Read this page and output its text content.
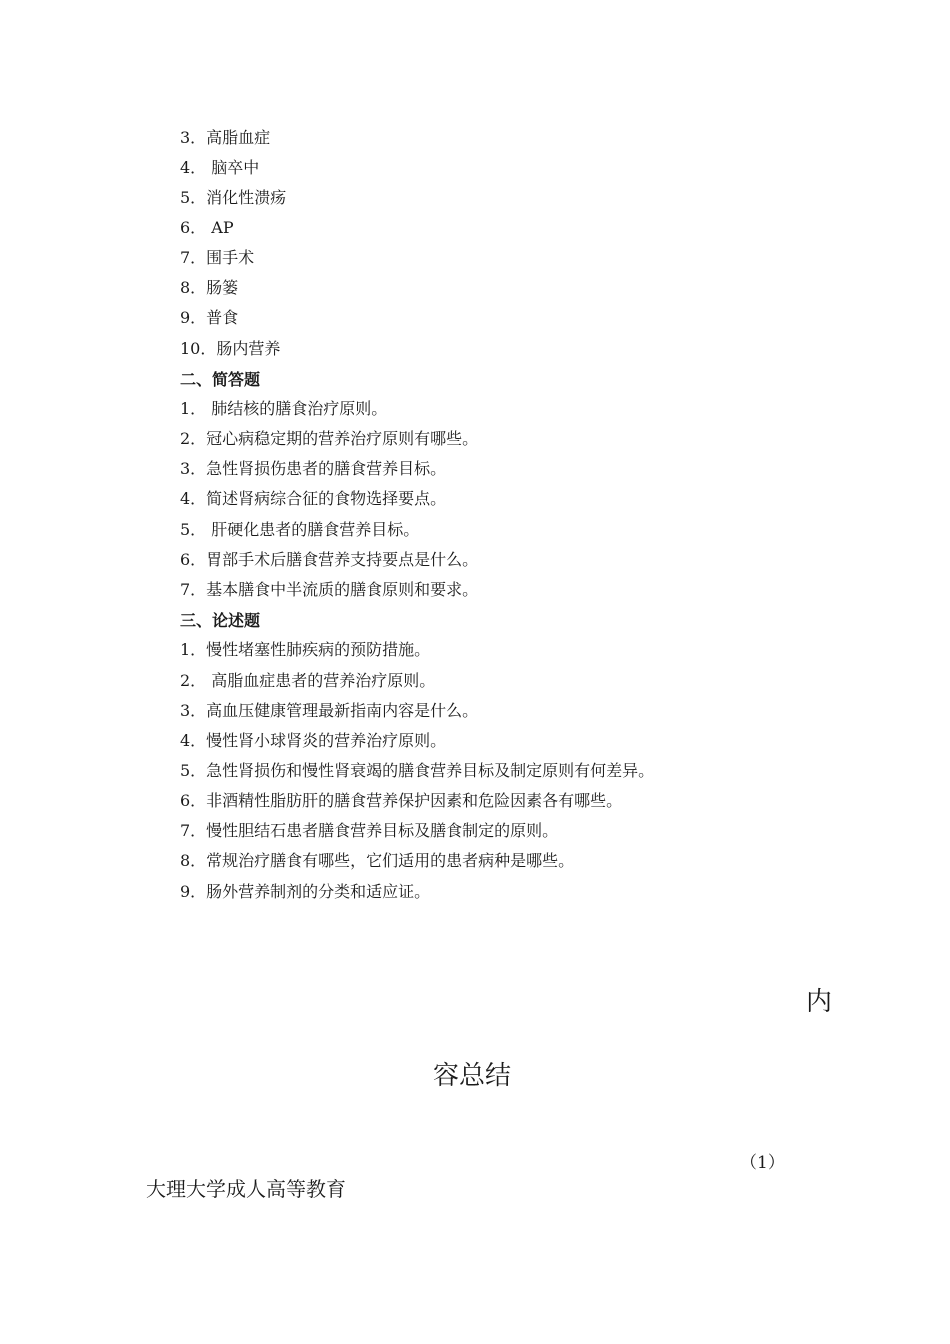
3．高脂血症
4． 脑卒中
5．消化性溃疡
6． AP
7．围手术
8．肠篓
9．普食
10．肠内营养
二、简答题
1． 肺结核的膳食治疗原则。
2．冠心病稳定期的营养治疗原则有哪些。
3．急性肾损伤患者的膳食营养目标。
4．简述肾病综合征的食物选择要点。
5． 肝硬化患者的膳食营养目标。
6．胃部手术后膳食营养支持要点是什么。
7．基本膳食中半流质的膳食原则和要求。
三、论述题
1．慢性堵塞性肺疾病的预防措施。
2． 高脂血症患者的营养治疗原则。
3．高血压健康管理最新指南内容是什么。
4．慢性肾小球肾炎的营养治疗原则。
5．急性肾损伤和慢性肾衰竭的膳食营养目标及制定原则有何差异。
6．非酒精性脂肪肝的膳食营养保护因素和危险因素各有哪些。
7．慢性胆结石患者膳食营养目标及膳食制定的原则。
8．常规治疗膳食有哪些，它们适用的患者病种是哪些。
9．肠外营养制剂的分类和适应证。
内
容总结
（1）
大理大学成人高等教育
